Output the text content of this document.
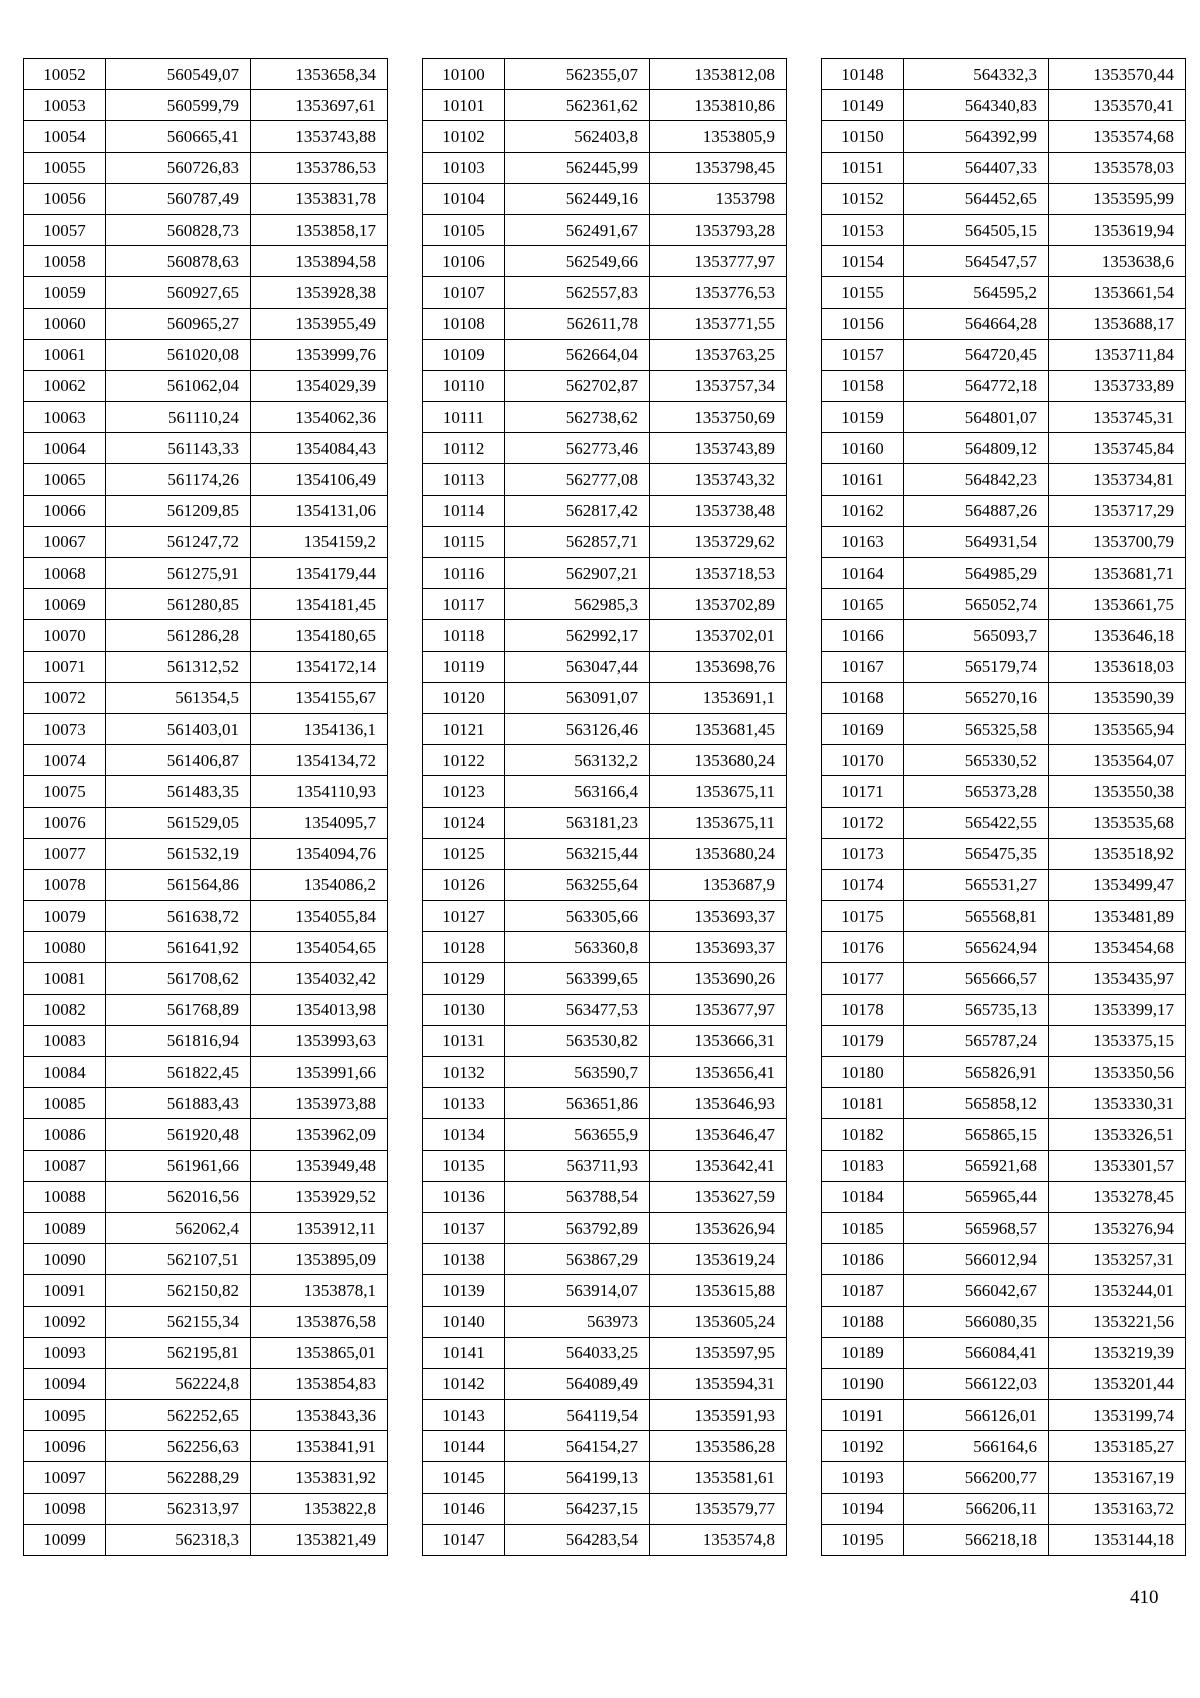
10052	560549,07	1353658,34
10053	560599,79	1353697,61
10054	560665,41	1353743,88
10055	560726,83	1353786,53
10056	560787,49	1353831,78
10057	560828,73	1353858,17
10058	560878,63	1353894,58
10059	560927,65	1353928,38
10060	560965,27	1353955,49
10061	561020,08	1353999,76
10062	561062,04	1354029,39
10063	561110,24	1354062,36
10064	561143,33	1354084,43
10065	561174,26	1354106,49
10066	561209,85	1354131,06
10067	561247,72	1354159,2
10068	561275,91	1354179,44
10069	561280,85	1354181,45
10070	561286,28	1354180,65
10071	561312,52	1354172,14
10072	561354,5	1354155,67
10073	561403,01	1354136,1
10074	561406,87	1354134,72
10075	561483,35	1354110,93
10076	561529,05	1354095,7
10077	561532,19	1354094,76
10078	561564,86	1354086,2
10079	561638,72	1354055,84
10080	561641,92	1354054,65
10081	561708,62	1354032,42
10082	561768,89	1354013,98
10083	561816,94	1353993,63
10084	561822,45	1353991,66
10085	561883,43	1353973,88
10086	561920,48	1353962,09
10087	561961,66	1353949,48
10088	562016,56	1353929,52
10089	562062,4	1353912,11
10090	562107,51	1353895,09
10091	562150,82	1353878,1
10092	562155,34	1353876,58
10093	562195,81	1353865,01
10094	562224,8	1353854,83
10095	562252,65	1353843,36
10096	562256,63	1353841,91
10097	562288,29	1353831,92
10098	562313,97	1353822,8
10099	562318,3	1353821,49
10100	562355,07	1353812,08
10101	562361,62	1353810,86
10102	562403,8	1353805,9
10103	562445,99	1353798,45
10104	562449,16	1353798
10105	562491,67	1353793,28
10106	562549,66	1353777,97
10107	562557,83	1353776,53
10108	562611,78	1353771,55
10109	562664,04	1353763,25
10110	562702,87	1353757,34
10111	562738,62	1353750,69
10112	562773,46	1353743,89
10113	562777,08	1353743,32
10114	562817,42	1353738,48
10115	562857,71	1353729,62
10116	562907,21	1353718,53
10117	562985,3	1353702,89
10118	562992,17	1353702,01
10119	563047,44	1353698,76
10120	563091,07	1353691,1
10121	563126,46	1353681,45
10122	563132,2	1353680,24
10123	563166,4	1353675,11
10124	563181,23	1353675,11
10125	563215,44	1353680,24
10126	563255,64	1353687,9
10127	563305,66	1353693,37
10128	563360,8	1353693,37
10129	563399,65	1353690,26
10130	563477,53	1353677,97
10131	563530,82	1353666,31
10132	563590,7	1353656,41
10133	563651,86	1353646,93
10134	563655,9	1353646,47
10135	563711,93	1353642,41
10136	563788,54	1353627,59
10137	563792,89	1353626,94
10138	563867,29	1353619,24
10139	563914,07	1353615,88
10140	563973	1353605,24
10141	564033,25	1353597,95
10142	564089,49	1353594,31
10143	564119,54	1353591,93
10144	564154,27	1353586,28
10145	564199,13	1353581,61
10146	564237,15	1353579,77
10147	564283,54	1353574,8
10148	564332,3	1353570,44
10149	564340,83	1353570,41
10150	564392,99	1353574,68
10151	564407,33	1353578,03
10152	564452,65	1353595,99
10153	564505,15	1353619,94
10154	564547,57	1353638,6
10155	564595,2	1353661,54
10156	564664,28	1353688,17
10157	564720,45	1353711,84
10158	564772,18	1353733,89
10159	564801,07	1353745,31
10160	564809,12	1353745,84
10161	564842,23	1353734,81
10162	564887,26	1353717,29
10163	564931,54	1353700,79
10164	564985,29	1353681,71
10165	565052,74	1353661,75
10166	565093,7	1353646,18
10167	565179,74	1353618,03
10168	565270,16	1353590,39
10169	565325,58	1353565,94
10170	565330,52	1353564,07
10171	565373,28	1353550,38
10172	565422,55	1353535,68
10173	565475,35	1353518,92
10174	565531,27	1353499,47
10175	565568,81	1353481,89
10176	565624,94	1353454,68
10177	565666,57	1353435,97
10178	565735,13	1353399,17
10179	565787,24	1353375,15
10180	565826,91	1353350,56
10181	565858,12	1353330,31
10182	565865,15	1353326,51
10183	565921,68	1353301,57
10184	565965,44	1353278,45
10185	565968,57	1353276,94
10186	566012,94	1353257,31
10187	566042,67	1353244,01
10188	566080,35	1353221,56
10189	566084,41	1353219,39
10190	566122,03	1353201,44
10191	566126,01	1353199,74
10192	566164,6	1353185,27
10193	566200,77	1353167,19
10194	566206,11	1353163,72
10195	566218,18	1353144,18
410
